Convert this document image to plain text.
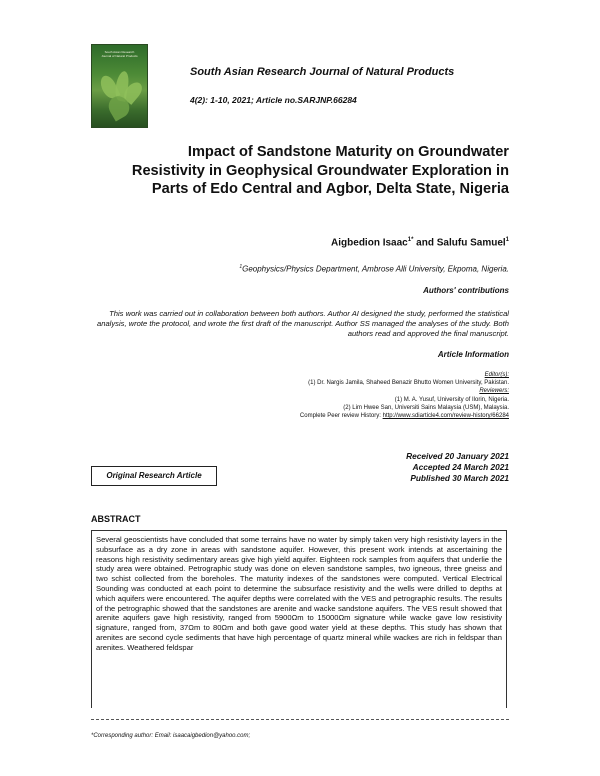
South Asian Research
Journal of Natural Products
South Asian Research Journal of Natural Products
4(2): 1-10, 2021; Article no.SARJNP.66284
Impact of Sandstone Maturity on Groundwater Resistivity in Geophysical Groundwater Exploration in Parts of Edo Central and Agbor, Delta State, Nigeria
Aigbedion Isaac$^{1*}$ and Salufu Samuel$^1$
$^1$Geophysics/Physics Department, Ambrose Alli University, Ekpoma, Nigeria.
Authors' contributions
This work was carried out in collaboration between both authors. Author AI designed the study, performed the statistical analysis, wrote the protocol, and wrote the first draft of the manuscript. Author SS managed the analyses of the study. Both authors read and approved the final manuscript.
Article Information
Editor(s):
(1) Dr. Nargis Jamila, Shaheed Benazir Bhutto Women University, Pakistan.
Reviewers:
(1) M. A. Yusuf, University of Ilorin, Nigeria.
(2) Lim Hwee San, Universiti Sains Malaysia (USM), Malaysia.
Complete Peer review History: http://www.sdiarticle4.com/review-history/66284
Received 20 January 2021
Accepted 24 March 2021
Published 30 March 2021
Original Research Article
ABSTRACT
Several geoscientists have concluded that some terrains have no water by simply taken very high resistivity layers in the subsurface as a dry zone in areas with sandstone aquifer. However, this present work intends at ascertaining the reasons high resistivity sedimentary areas give high yield aquifer. Eighteen rock samples from aquifers that underlie the study area were obtained. Petrographic study was done on eleven sandstone samples, two igneous, three gneiss and two schist collected from the boreholes. The maturity indexes of the sandstones were computed. Vertical Electrical Sounding was conducted at each point to determine the subsurface resistivity and the wells were drilled to depths at which aquifers were encountered. The aquifer depths were correlated with the VES and petrographic results. The results of the petrographic showed that the sandstones are arenite and wacke sandstone aquifers. The VES result showed that arenite aquifers gave high resistivity, ranged from 5900Ωm to 15000Ωm signature while wacke gave low resistivity signature, ranged from, 37Ωm to 80Ωm and both gave good water yield at these depths. This study has shown that arenites are second cycle sediments that have high percentage of quartz mineral while wackes are rich in feldspar than arenites. Weathered feldspar
*Corresponding author: Email: isaacaigbedion@yahoo.com;
